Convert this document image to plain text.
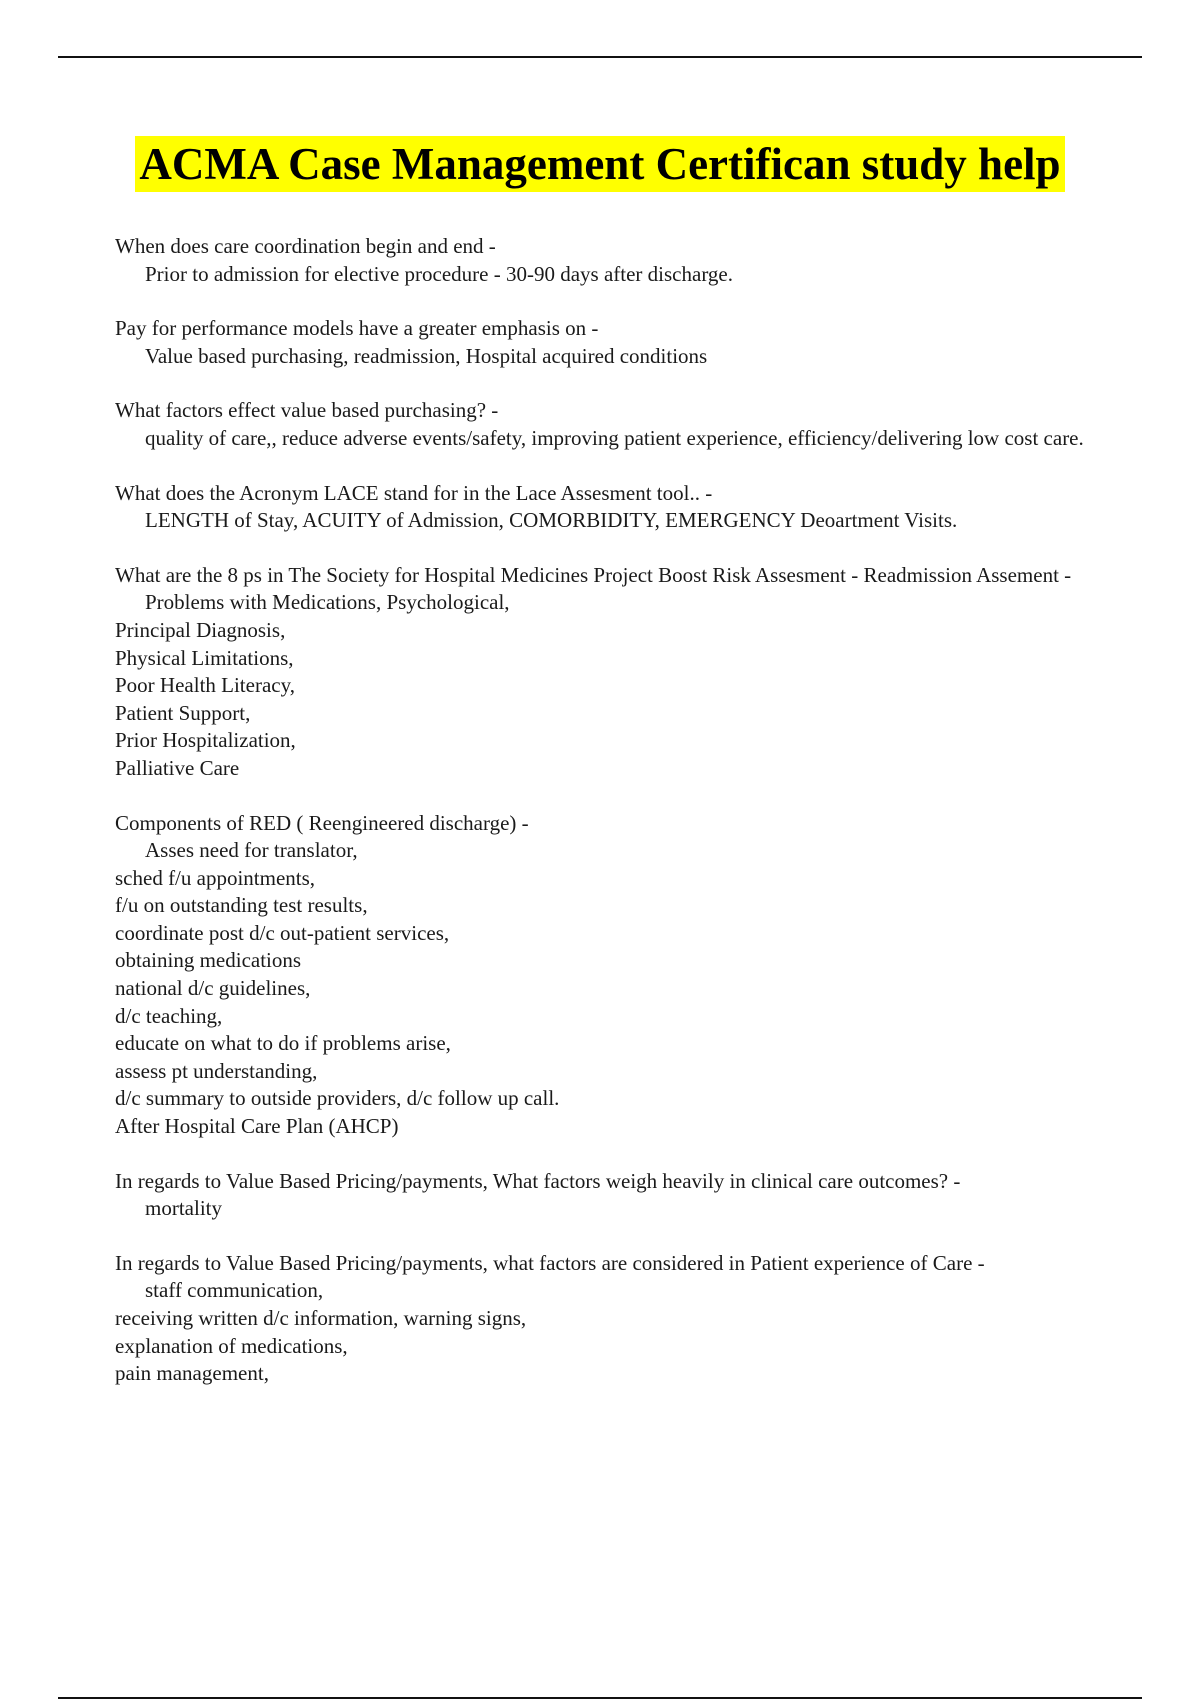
ACMA Case Management Certifican study help

When does care coordination begin and end -

Prior to admission for elective procedure - 30-90 days after discharge.

Pay for performance models have a greater emphasis on -

Value based purchasing, readmission, Hospital acquired conditions

What factors effect value based purchasing? -

quality of care,, reduce adverse events/safety, improving patient experience, efficiency/delivering low cost care.

What does the Acronym LACE stand for in the Lace Assesment tool.. -

LENGTH of Stay, ACUITY of Admission, COMORBIDITY, EMERGENCY Deoartment Visits.

What are the 8 ps in The Society for Hospital Medicines Project Boost Risk Assesment - Readmission Assement -

Problems with Medications, Psychological,

Principal Diagnosis,

Physical Limitations,

Poor Health Literacy,

Patient Support,

Prior Hospitalization,

Palliative Care

Components of RED ( Reengineered discharge) -

Asses need for translator,

sched f/u appointments,

f/u on outstanding test results,

coordinate post d/c out-patient services,

obtaining medications

national d/c guidelines,

d/c teaching,

educate on what to do if problems arise,

assess pt understanding,

d/c summary to outside providers, d/c follow up call.

After Hospital Care Plan (AHCP)

In regards to Value Based Pricing/payments, What factors weigh heavily in clinical care outcomes? -

mortality

In regards to Value Based Pricing/payments, what factors are considered in Patient experience of Care -

staff communication,

receiving written d/c information, warning signs,

explanation of medications,

pain management,
